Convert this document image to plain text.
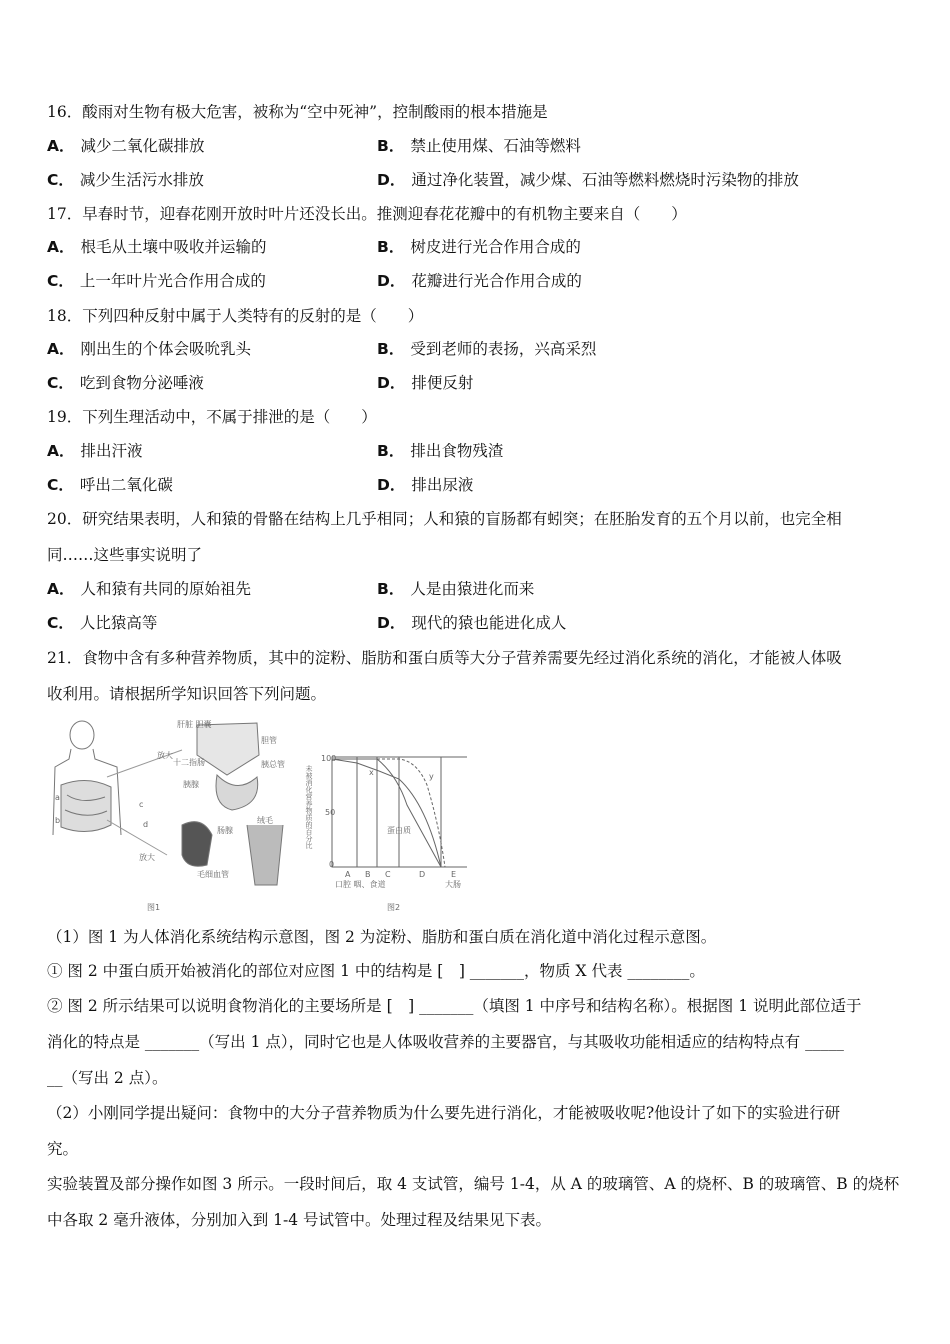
16．酸雨对生物有极大危害，被称为“空中死神”，控制酸雨的根本措施是
A． 减少二氧化碳排放	B． 禁止使用煤、石油等燃料
C． 减少生活污水排放	D． 通过净化装置，减少煤、石油等燃料燃烧时污染物的排放
17．早春时节，迎春花刚开放时叶片还没长出。推测迎春花花瓣中的有机物主要来自（　　）
A． 根毛从土壤中吸收并运输的	B． 树皮进行光合作用合成的
C． 上一年叶片光合作用合成的	D． 花瓣进行光合作用合成的
18．下列四种反射中属于人类特有的反射的是（　　）
A． 刚出生的个体会吸吮乳头	B． 受到老师的表扬，兴高采烈
C． 吃到食物分泌唾液	D． 排便反射
19．下列生理活动中，不属于排泄的是（　　）
A． 排出汗液	B． 排出食物残渣
C． 呼出二氧化碳	D． 排出尿液
20．研究结果表明，人和猿的骨骼在结构上几乎相同；人和猿的盲肠都有蚓突；在胚胎发育的五个月以前，也完全相
同……这些事实说明了
A． 人和猿有共同的原始祖先	B． 人是由猿进化而来
C． 人比猿高等	D． 现代的猿也能进化成人
21．食物中含有多种营养物质，其中的淀粉、脂肪和蛋白质等大分子营养需要先经过消化系统的消化，才能被人体吸
收利用。请根据所学知识回答下列问题。
a
b
c
d
放大
放大
肝脏 胆囊
胆管
十二指肠	胰总管
胰腺
肠腺
绒毛
毛细血管
图1
未被消化营养物质的百分比
100
50
0
A B C	D	E
口腔 咽、食道	大肠
x	y
蛋白质
图2
（1）图 1 为人体消化系统结构示意图，图 2 为淀粉、脂肪和蛋白质在消化道中消化过程示意图。
① 图 2 中蛋白质开始被消化的部位对应图 1 中的结构是 [　] _______，物质 X 代表 ________。
② 图 2 所示结果可以说明食物消化的主要场所是 [　] _______（填图 1 中序号和结构名称）。根据图 1 说明此部位适于
消化的特点是 _______（写出 1 点），同时它也是人体吸收营养的主要器官，与其吸收功能相适应的结构特点有 _____
__（写出 2 点）。
（2）小刚同学提出疑问：食物中的大分子营养物质为什么要先进行消化，才能被吸收呢?他设计了如下的实验进行研
究。
实验装置及部分操作如图 3 所示。一段时间后，取 4 支试管，编号 1-4，从 A 的玻璃管、A 的烧杯、B 的玻璃管、B 的烧杯
中各取 2 毫升液体，分别加入到 1-4 号试管中。处理过程及结果见下表。
